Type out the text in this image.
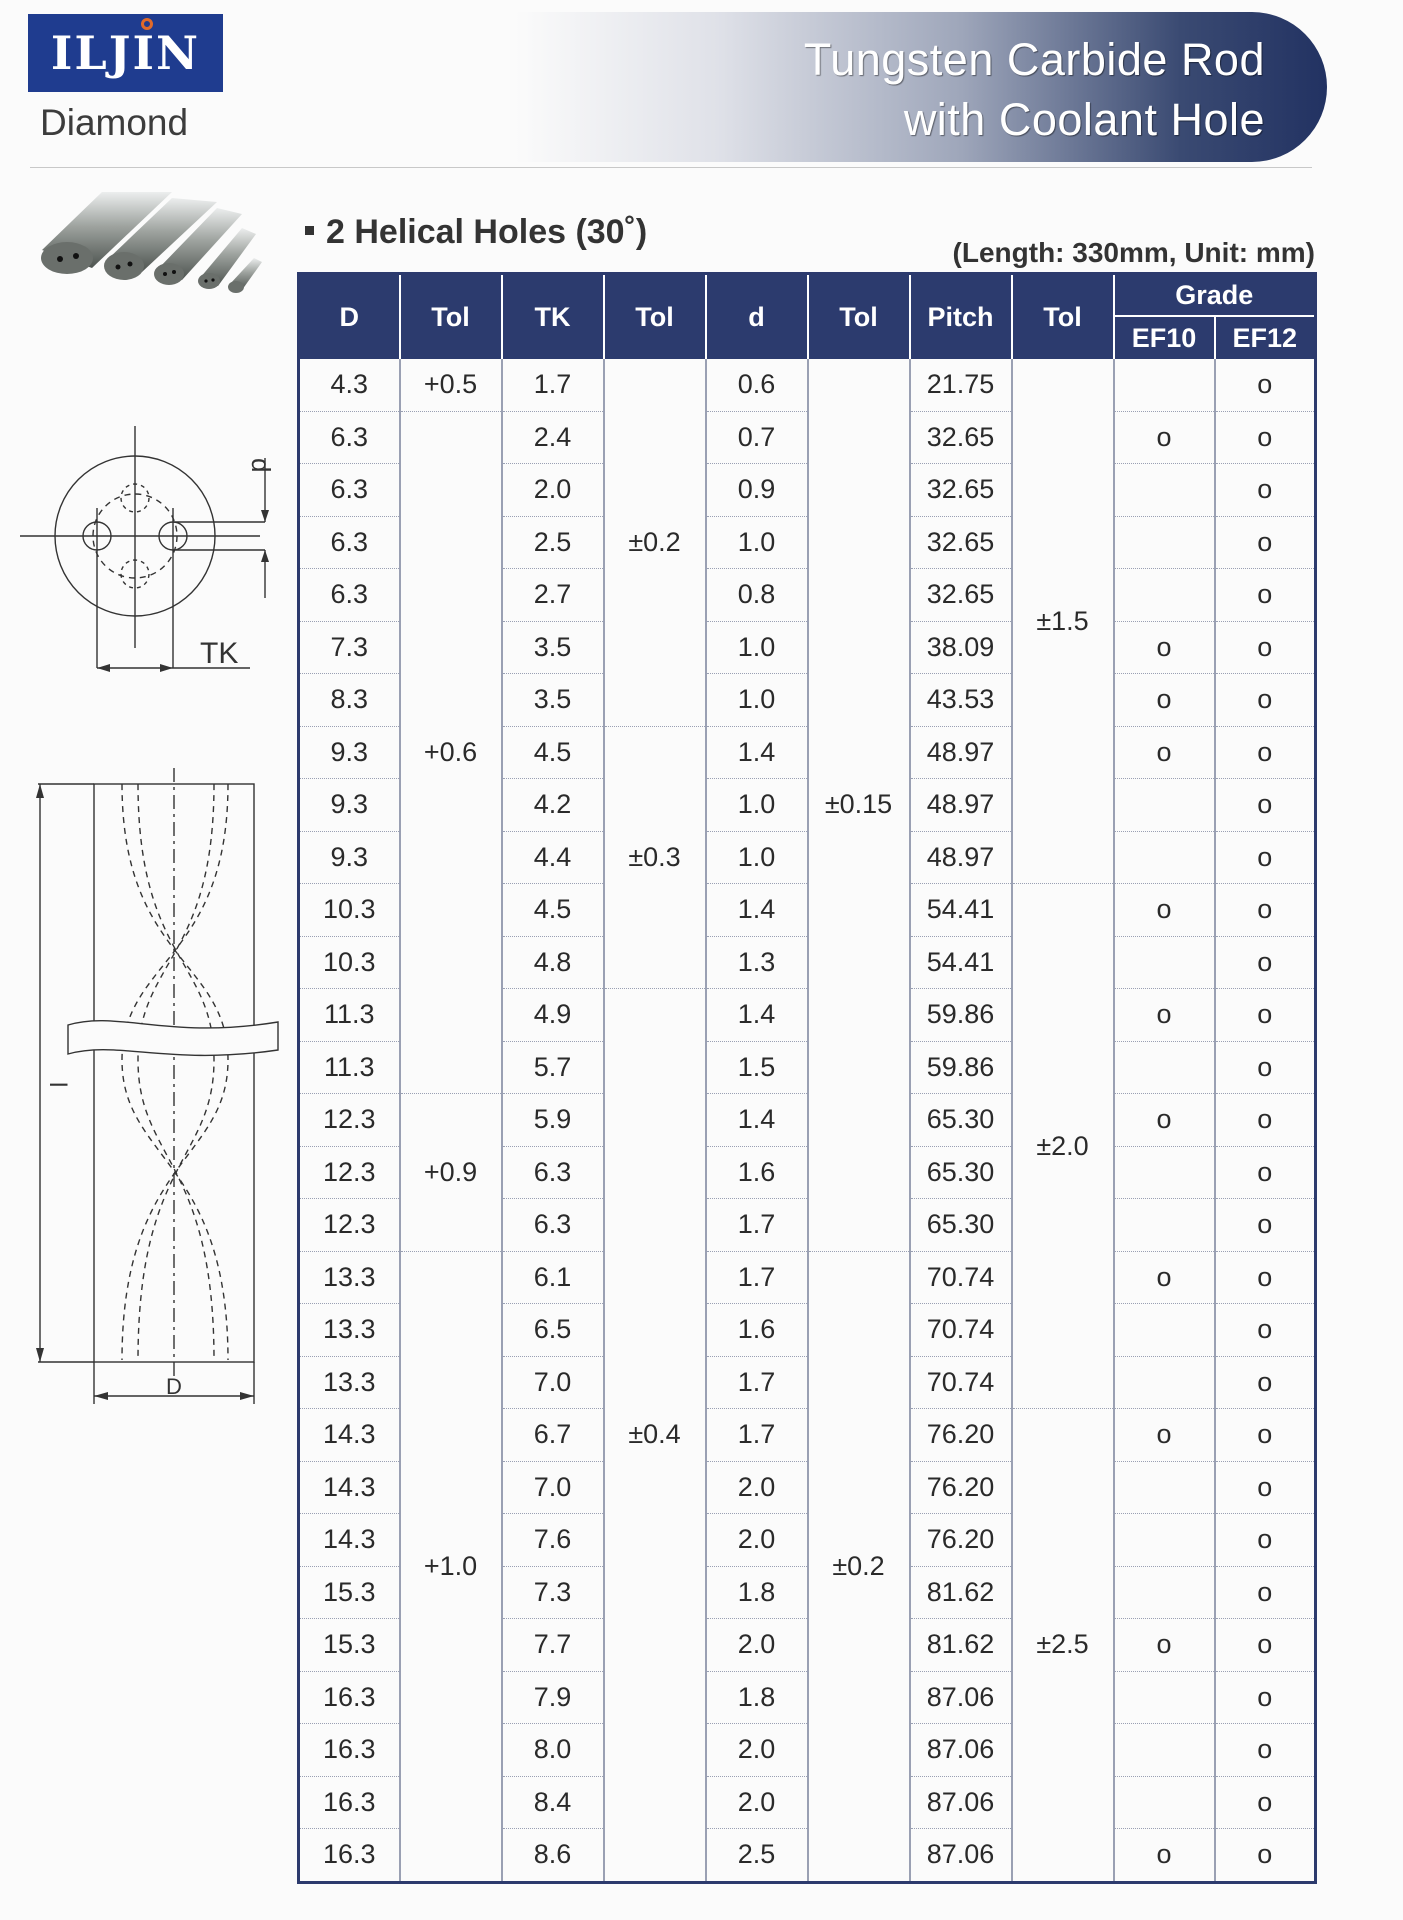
ILJIN
Diamond
Tungsten Carbide Rod
with Coolant Hole
d
TK
l
D
2 Helical Holes (30˚)
(Length: 330mm, Unit: mm)
D	Tol	TK	Tol	d	Tol	Pitch	Tol	Grade	
								EF10	EF12
4.3	+0.5	1.7	±0.2	0.6	±0.15	21.75	±1.5		o
6.3	+0.6	2.4		0.7		32.65		o	o
6.3		2.0		0.9		32.65			o
6.3		2.5		1.0		32.65			o
6.3		2.7		0.8		32.65			o
7.3		3.5		1.0		38.09		o	o
8.3		3.5		1.0		43.53		o	o
9.3		4.5	±0.3	1.4		48.97		o	o
9.3		4.2		1.0		48.97			o
9.3		4.4		1.0		48.97			o
10.3		4.5		1.4		54.41	±2.0	o	o
10.3		4.8		1.3		54.41			o
11.3		4.9	±0.4	1.4		59.86		o	o
11.3		5.7		1.5		59.86			o
12.3	+0.9	5.9		1.4		65.30		o	o
12.3		6.3		1.6		65.30			o
12.3		6.3		1.7		65.30			o
13.3	+1.0	6.1		1.7	±0.2	70.74		o	o
13.3		6.5		1.6		70.74			o
13.3		7.0		1.7		70.74			o
14.3		6.7		1.7		76.20	±2.5	o	o
14.3		7.0		2.0		76.20			o
14.3		7.6		2.0		76.20			o
15.3		7.3		1.8		81.62			o
15.3		7.7		2.0		81.62		o	o
16.3		7.9		1.8		87.06			o
16.3		8.0		2.0		87.06			o
16.3		8.4		2.0		87.06			o
16.3		8.6		2.5		87.06		o	o
